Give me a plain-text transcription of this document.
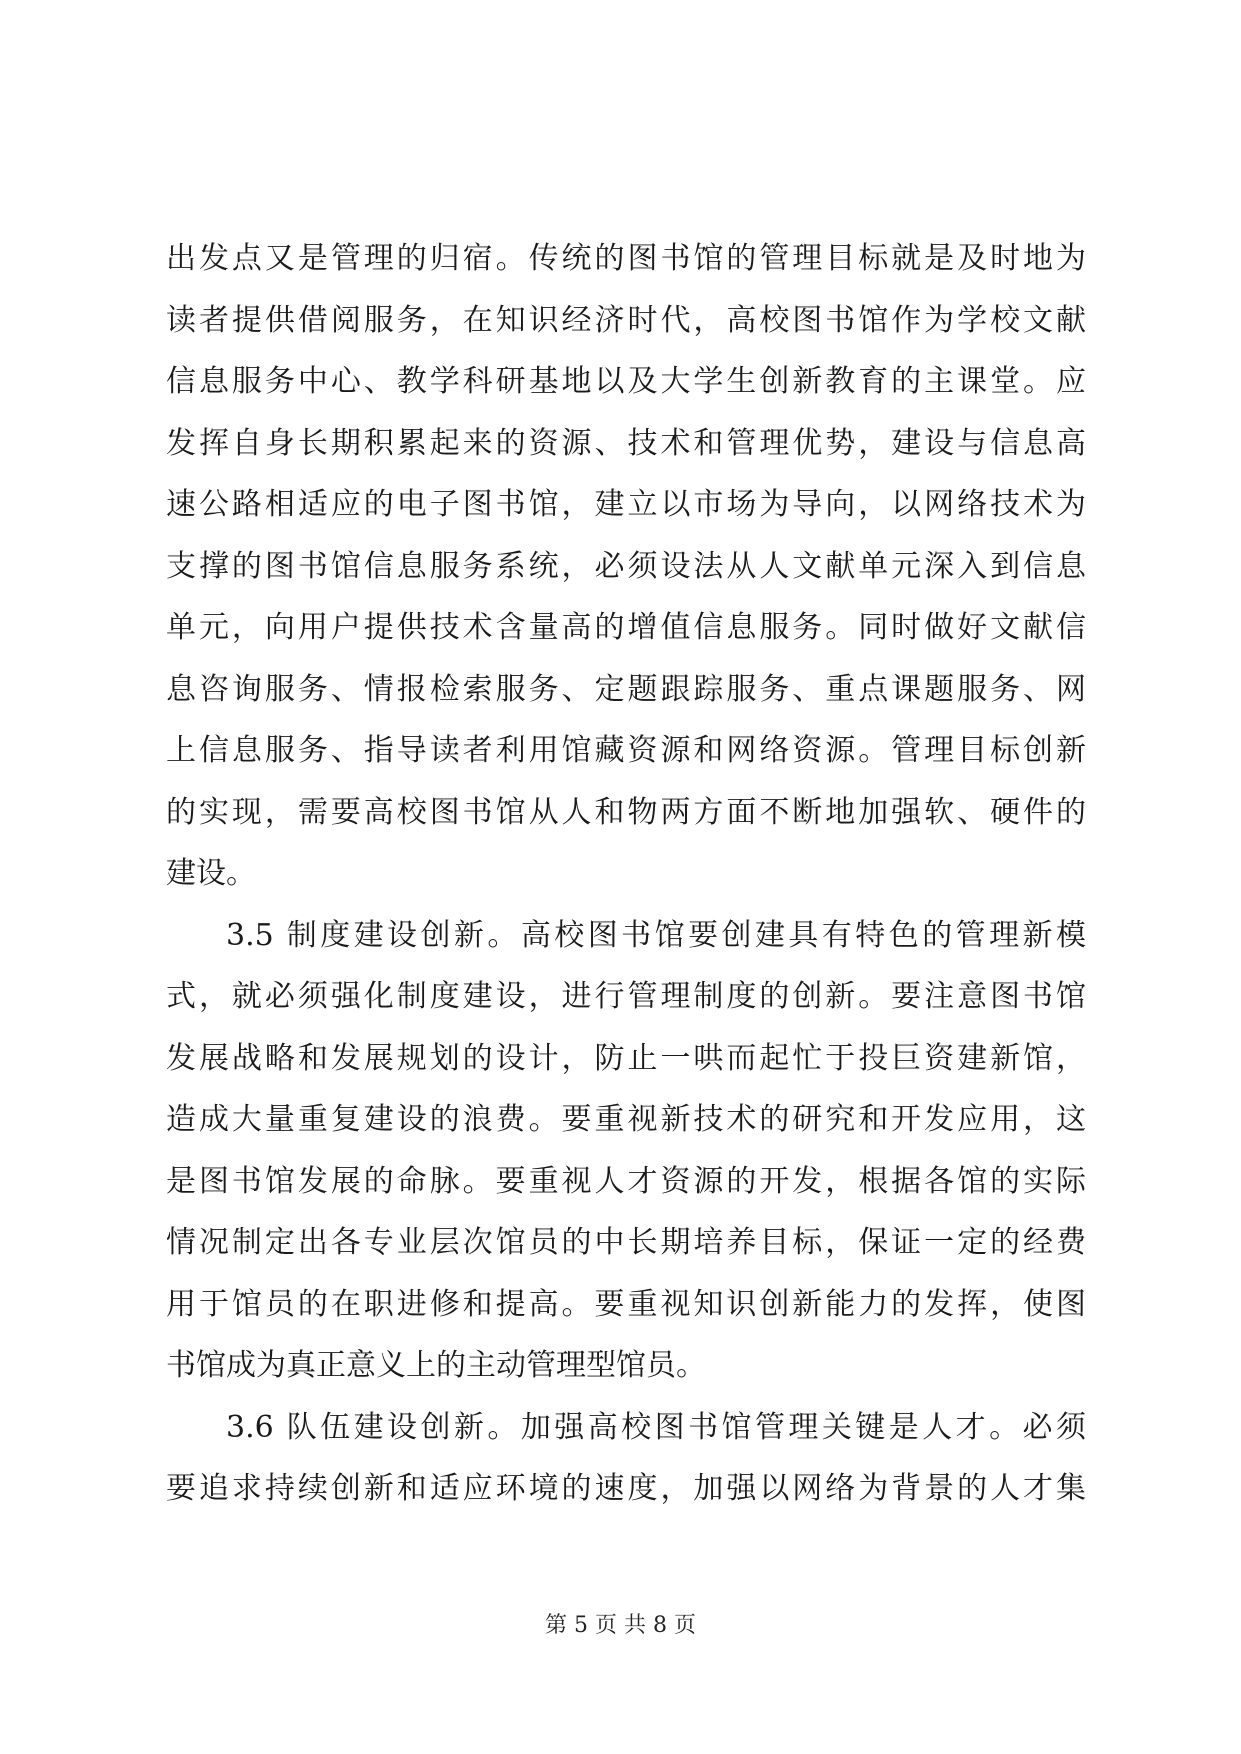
出发点又是管理的归宿。传统的图书馆的管理目标就是及时地为
读者提供借阅服务，在知识经济时代，高校图书馆作为学校文献
信息服务中心、教学科研基地以及大学生创新教育的主课堂。应
发挥自身长期积累起来的资源、技术和管理优势，建设与信息高
速公路相适应的电子图书馆，建立以市场为导向，以网络技术为
支撑的图书馆信息服务系统，必须设法从人文献单元深入到信息
单元，向用户提供技术含量高的增值信息服务。同时做好文献信
息咨询服务、情报检索服务、定题跟踪服务、重点课题服务、网
上信息服务、指导读者利用馆藏资源和网络资源。管理目标创新
的实现，需要高校图书馆从人和物两方面不断地加强软、硬件的
建设。
3.5 制度建设创新。高校图书馆要创建具有特色的管理新模
式，就必须强化制度建设，进行管理制度的创新。要注意图书馆
发展战略和发展规划的设计，防止一哄而起忙于投巨资建新馆，
造成大量重复建设的浪费。要重视新技术的研究和开发应用，这
是图书馆发展的命脉。要重视人才资源的开发，根据各馆的实际
情况制定出各专业层次馆员的中长期培养目标，保证一定的经费
用于馆员的在职进修和提高。要重视知识创新能力的发挥，使图
书馆成为真正意义上的主动管理型馆员。
3.6 队伍建设创新。加强高校图书馆管理关键是人才。必须
要追求持续创新和适应环境的速度，加强以网络为背景的人才集
第 5 页 共 8 页
